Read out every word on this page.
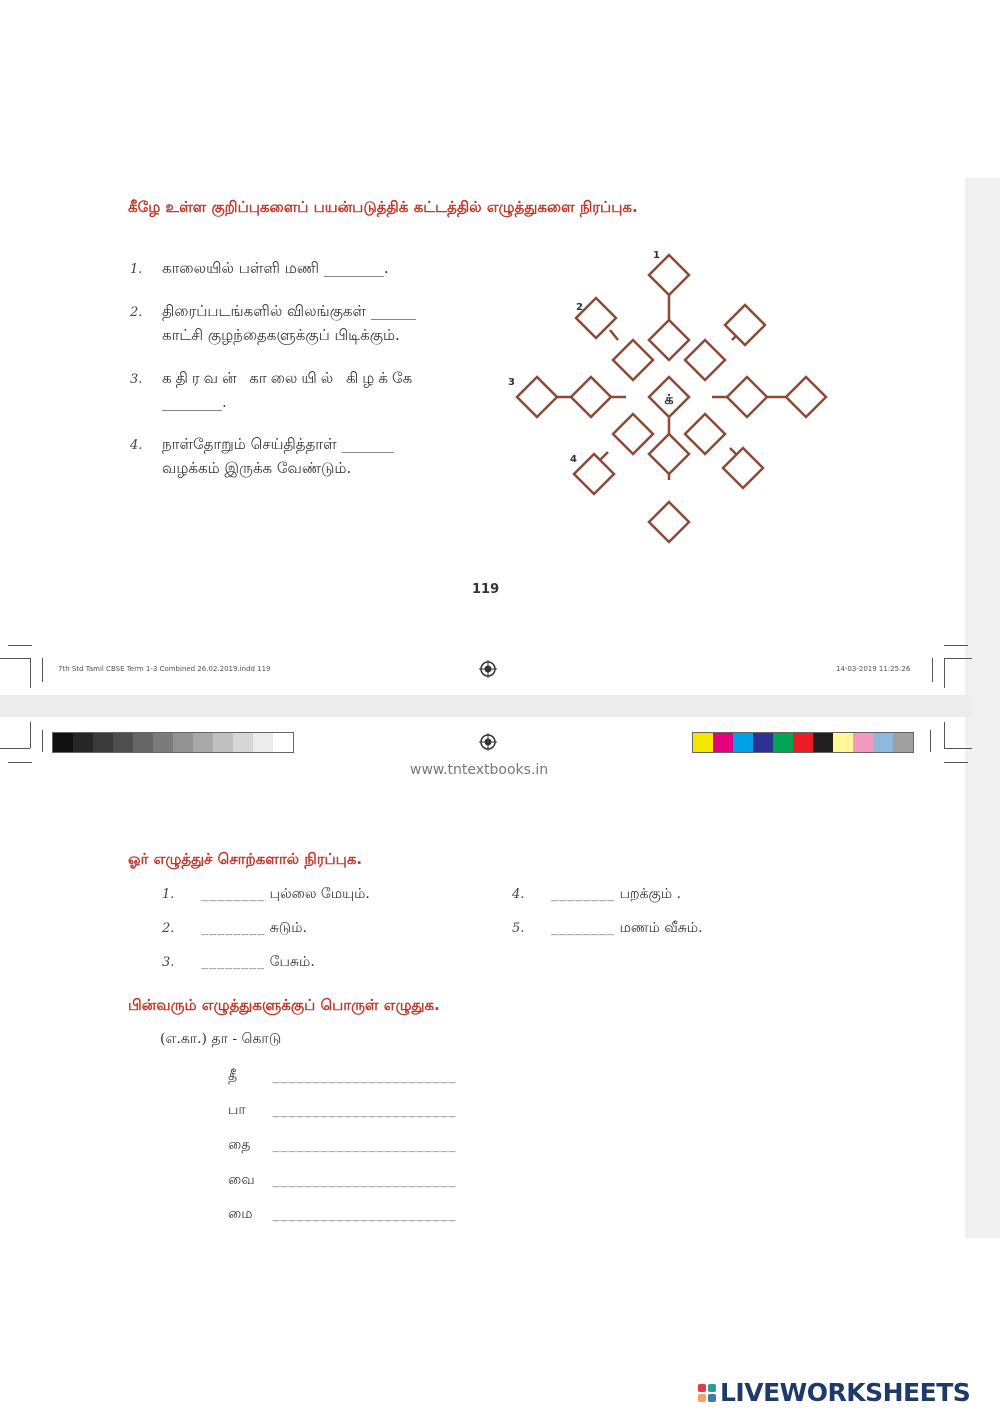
கீழே உள்ள குறிப்புகளைப் பயன்படுத்திக் கட்டத்தில் எழுத்துகளை நிரப்புக.
1. காலையில் பள்ளி மணி ________.
2. திரைப்படங்களில் விலங்குகள் ______
காட்சி குழந்தைகளுக்குப் பிடிக்கும்.
3. கதிரவன் காலையில் கிழக்கே
________.
4. நாள்தோறும் செய்தித்தாள் _______
வழக்கம் இருக்க வேண்டும்.
க்
1
2
3
4
119
7th Std Tamil CBSE Term 1-3 Combined 26.02.2019.indd 119	14-03-2019 11:25:26
www.tntextbooks.in
ஓர் எழுத்துச் சொற்களால் நிரப்புக.
1. ________ புல்லை மேயும்.
2. ________ சுடும்.
3. ________ பேசும்.
4. ________ பறக்கும் .
5. ________ மணம் வீசும்.
பின்வரும் எழுத்துகளுக்குப் பொருள் எழுதுக.
(எ.கா.) தா - கொடு
தீ	_______________________
பா _______________________
தை _______________________
வை _______________________
மை _______________________
LIVEWORKSHEETS
